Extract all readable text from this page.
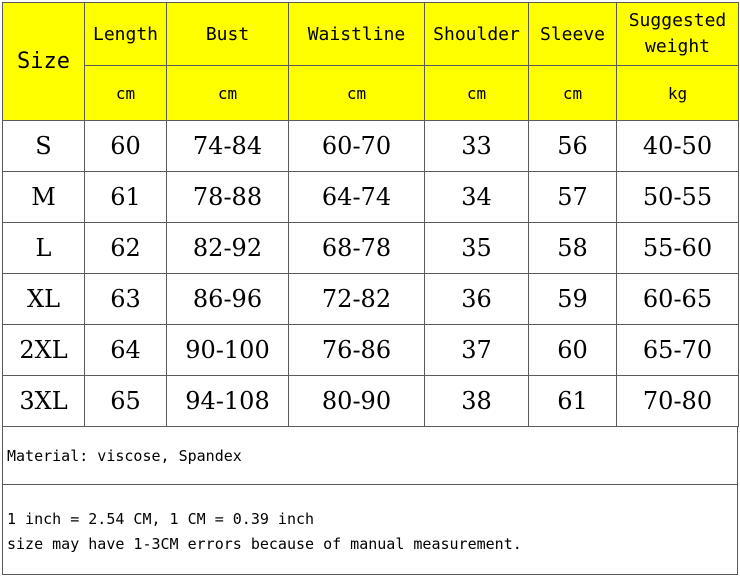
Size	Length	Bust	Waistline	Shoulder	Sleeve	Suggested
weight

	cm	cm	cm	cm	cm	kg
S	60	74-84	60-70	33	56	40-50
M	61	78-88	64-74	34	57	50-55
L	62	82-92	68-78	35	58	55-60
XL	63	86-96	72-82	36	59	60-65
2XL	64	90-100	76-86	37	60	65-70
3XL	65	94-108	80-90	38	61	70-80
Material: viscose, Spandex
1 inch = 2.54 CM, 1 CM = 0.39 inch
size may have 1-3CM errors because of manual measurement.
